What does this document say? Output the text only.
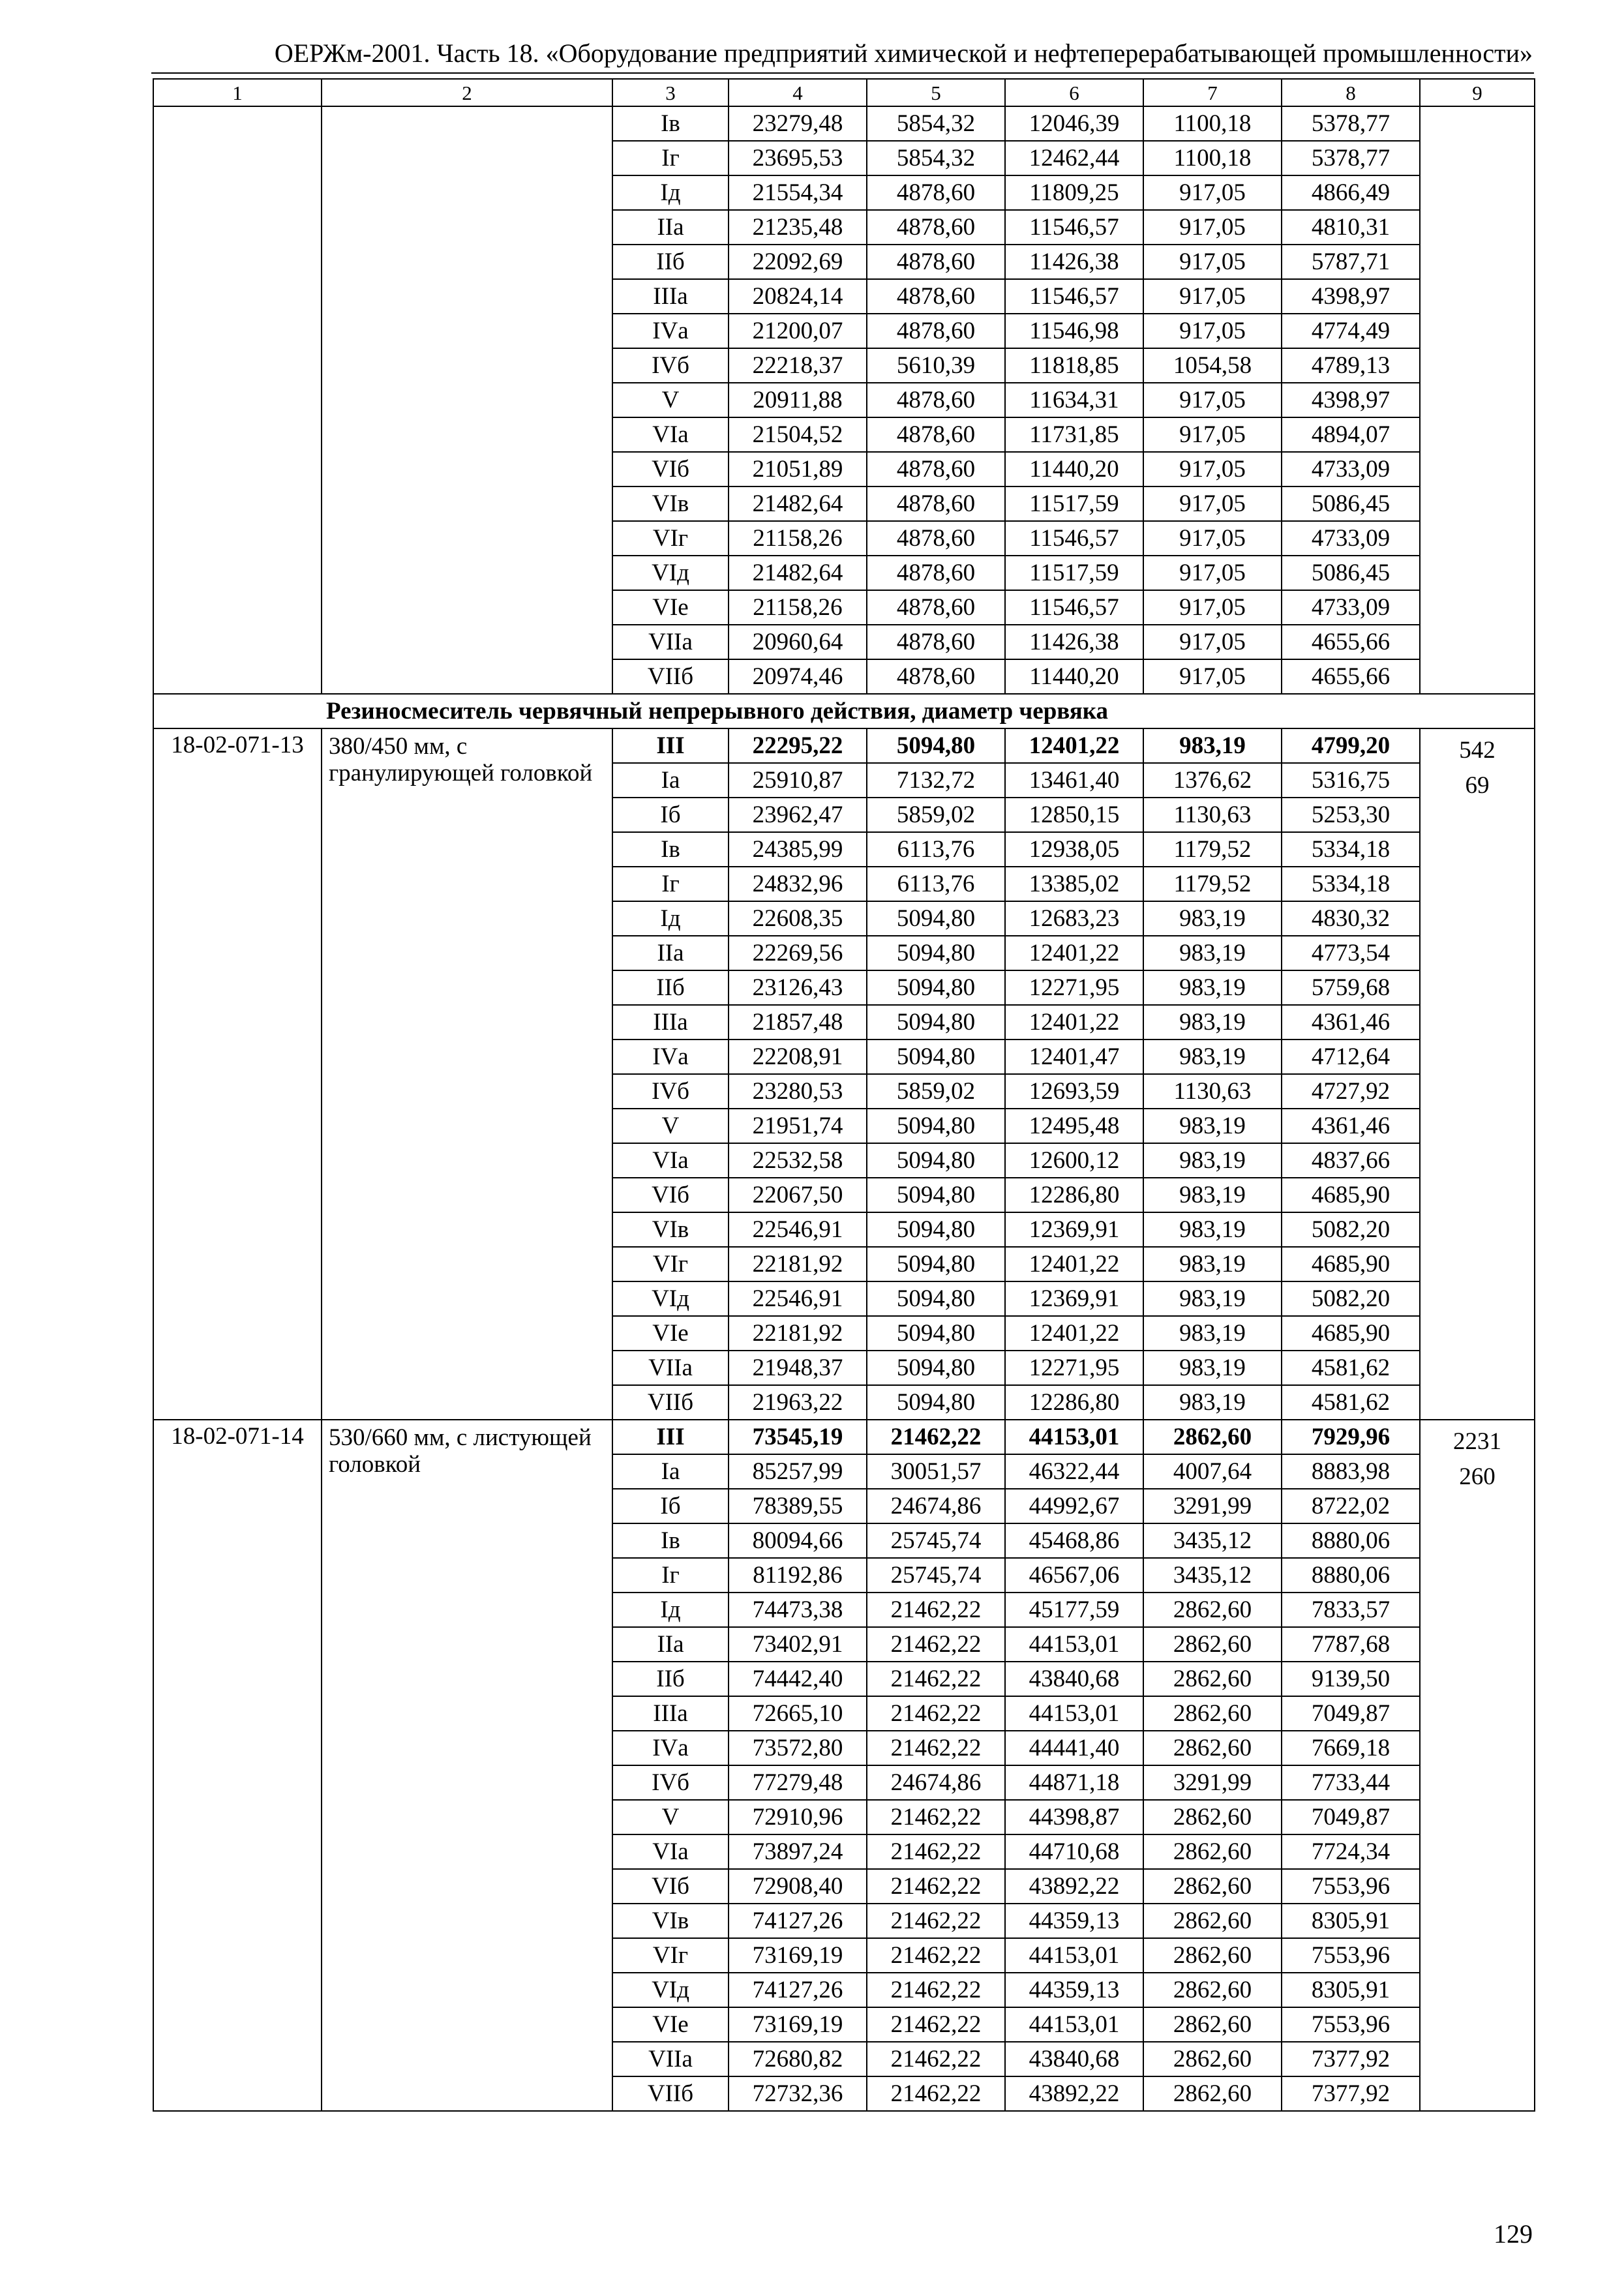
ОЕРЖм-2001. Часть 18. «Оборудование предприятий химической и нефтеперерабатывающей промышленности»
1	2	3	4	5	6	7	8	9
		Iв	23279,48	5854,32	12046,39	1100,18	5378,77	
		Iг	23695,53	5854,32	12462,44	1100,18	5378,77	
		Iд	21554,34	4878,60	11809,25	917,05	4866,49	
		IIа	21235,48	4878,60	11546,57	917,05	4810,31	
		IIб	22092,69	4878,60	11426,38	917,05	5787,71	
		IIIа	20824,14	4878,60	11546,57	917,05	4398,97	
		IVа	21200,07	4878,60	11546,98	917,05	4774,49	
		IVб	22218,37	5610,39	11818,85	1054,58	4789,13	
		V	20911,88	4878,60	11634,31	917,05	4398,97	
		VIа	21504,52	4878,60	11731,85	917,05	4894,07	
		VIб	21051,89	4878,60	11440,20	917,05	4733,09	
		VIв	21482,64	4878,60	11517,59	917,05	5086,45	
		VIг	21158,26	4878,60	11546,57	917,05	4733,09	
		VIд	21482,64	4878,60	11517,59	917,05	5086,45	
		VIе	21158,26	4878,60	11546,57	917,05	4733,09	
		VIIа	20960,64	4878,60	11426,38	917,05	4655,66	
		VIIб	20974,46	4878,60	11440,20	917,05	4655,66	
Резиносмеситель червячный непрерывного действия, диаметр червяка								
18-02-071-13	380/450 мм, с гранулирующей головкой	III	22295,22	5094,80	12401,22	983,19	4799,20	542
69

		Iа	25910,87	7132,72	13461,40	1376,62	5316,75	
		Iб	23962,47	5859,02	12850,15	1130,63	5253,30	
		Iв	24385,99	6113,76	12938,05	1179,52	5334,18	
		Iг	24832,96	6113,76	13385,02	1179,52	5334,18	
		Iд	22608,35	5094,80	12683,23	983,19	4830,32	
		IIа	22269,56	5094,80	12401,22	983,19	4773,54	
		IIб	23126,43	5094,80	12271,95	983,19	5759,68	
		IIIа	21857,48	5094,80	12401,22	983,19	4361,46	
		IVа	22208,91	5094,80	12401,47	983,19	4712,64	
		IVб	23280,53	5859,02	12693,59	1130,63	4727,92	
		V	21951,74	5094,80	12495,48	983,19	4361,46	
		VIа	22532,58	5094,80	12600,12	983,19	4837,66	
		VIб	22067,50	5094,80	12286,80	983,19	4685,90	
		VIв	22546,91	5094,80	12369,91	983,19	5082,20	
		VIг	22181,92	5094,80	12401,22	983,19	4685,90	
		VIд	22546,91	5094,80	12369,91	983,19	5082,20	
		VIе	22181,92	5094,80	12401,22	983,19	4685,90	
		VIIа	21948,37	5094,80	12271,95	983,19	4581,62	
		VIIб	21963,22	5094,80	12286,80	983,19	4581,62	
18-02-071-14	530/660 мм, с листующей головкой	III	73545,19	21462,22	44153,01	2862,60	7929,96	2231
260

		Iа	85257,99	30051,57	46322,44	4007,64	8883,98	
		Iб	78389,55	24674,86	44992,67	3291,99	8722,02	
		Iв	80094,66	25745,74	45468,86	3435,12	8880,06	
		Iг	81192,86	25745,74	46567,06	3435,12	8880,06	
		Iд	74473,38	21462,22	45177,59	2862,60	7833,57	
		IIа	73402,91	21462,22	44153,01	2862,60	7787,68	
		IIб	74442,40	21462,22	43840,68	2862,60	9139,50	
		IIIа	72665,10	21462,22	44153,01	2862,60	7049,87	
		IVа	73572,80	21462,22	44441,40	2862,60	7669,18	
		IVб	77279,48	24674,86	44871,18	3291,99	7733,44	
		V	72910,96	21462,22	44398,87	2862,60	7049,87	
		VIа	73897,24	21462,22	44710,68	2862,60	7724,34	
		VIб	72908,40	21462,22	43892,22	2862,60	7553,96	
		VIв	74127,26	21462,22	44359,13	2862,60	8305,91	
		VIг	73169,19	21462,22	44153,01	2862,60	7553,96	
		VIд	74127,26	21462,22	44359,13	2862,60	8305,91	
		VIе	73169,19	21462,22	44153,01	2862,60	7553,96	
		VIIа	72680,82	21462,22	43840,68	2862,60	7377,92	
		VIIб	72732,36	21462,22	43892,22	2862,60	7377,92	
129
